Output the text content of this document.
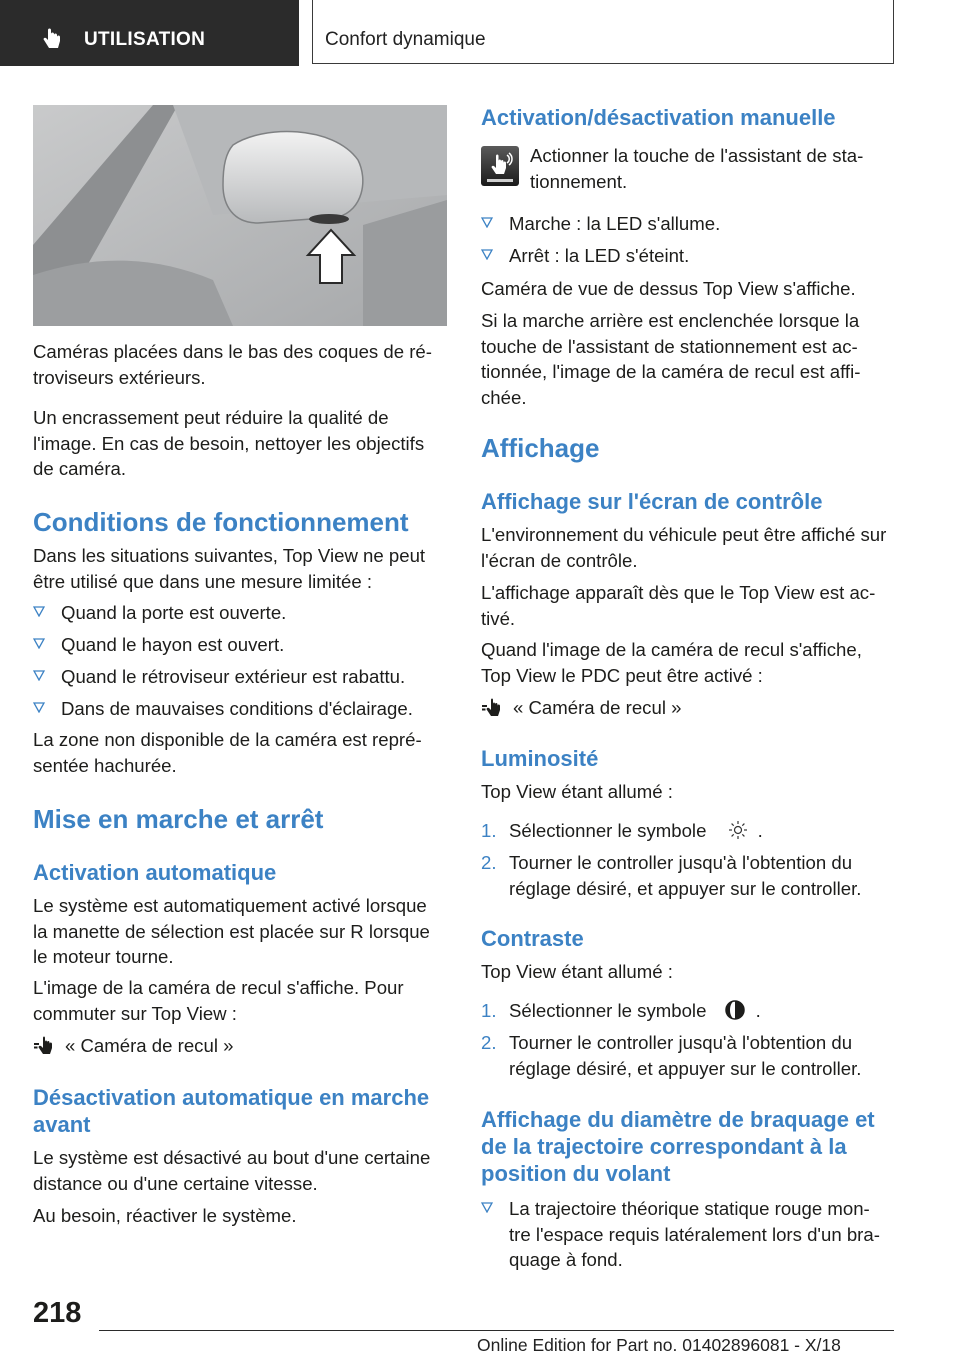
UTILISATION	Confort dynamique

Caméras placées dans le bas des coques de ré‐ troviseurs extérieurs.

Un encrassement peut réduire la qualité de l'image. En cas de besoin, nettoyer les objectifs de caméra.

Conditions de fonctionnement

Dans les situations suivantes, Top View ne peut être utilisé que dans une mesure limitée :

Quand la porte est ouverte.
Quand le hayon est ouvert.
Quand le rétroviseur extérieur est rabattu.
Dans de mauvaises conditions d'éclairage.

La zone non disponible de la caméra est repré‐ sentée hachurée.

Mise en marche et arrêt
Activation automatique

Le système est automatiquement activé lorsque la manette de sélection est placée sur R lorsque le moteur tourne.

L'image de la caméra de recul s'affiche. Pour commuter sur Top View :

« Caméra de recul »
Désactivation automatique en marche avant

Le système est désactivé au bout d'une certaine distance ou d'une certaine vitesse.

Au besoin, réactiver le système.

Activation/désactivation manuelle

Actionner la touche de l'assistant de sta‐ tionnement.

Marche : la LED s'allume.
Arrêt : la LED s'éteint.

Caméra de vue de dessus Top View s'affiche.

Si la marche arrière est enclenchée lorsque la touche de l'assistant de stationnement est ac‐ tionnée, l'image de la caméra de recul est affi‐ chée.

Affichage
Affichage sur l'écran de contrôle

L'environnement du véhicule peut être affiché sur l'écran de contrôle.

L'affichage apparaît dès que le Top View est ac‐ tivé.

Quand l'image de la caméra de recul s'affiche, Top View le PDC peut être activé :

« Caméra de recul »
Luminosité

Top View étant allumé :

1. Sélectionner le symbole	.
2. Tourner le controller jusqu'à l'obtention du réglage désiré, et appuyer sur le controller.
Contraste

Top View étant allumé :

1. Sélectionner le symbole	.
2. Tourner le controller jusqu'à l'obtention du réglage désiré, et appuyer sur le controller.
Affichage du diamètre de braquage et de la trajectoire correspondant à la position du volant
La trajectoire théorique statique rouge mon‐ tre l'espace requis latéralement lors d'un bra‐ quage à fond.
218
Online Edition for Part no. 01402896081 - X/18
